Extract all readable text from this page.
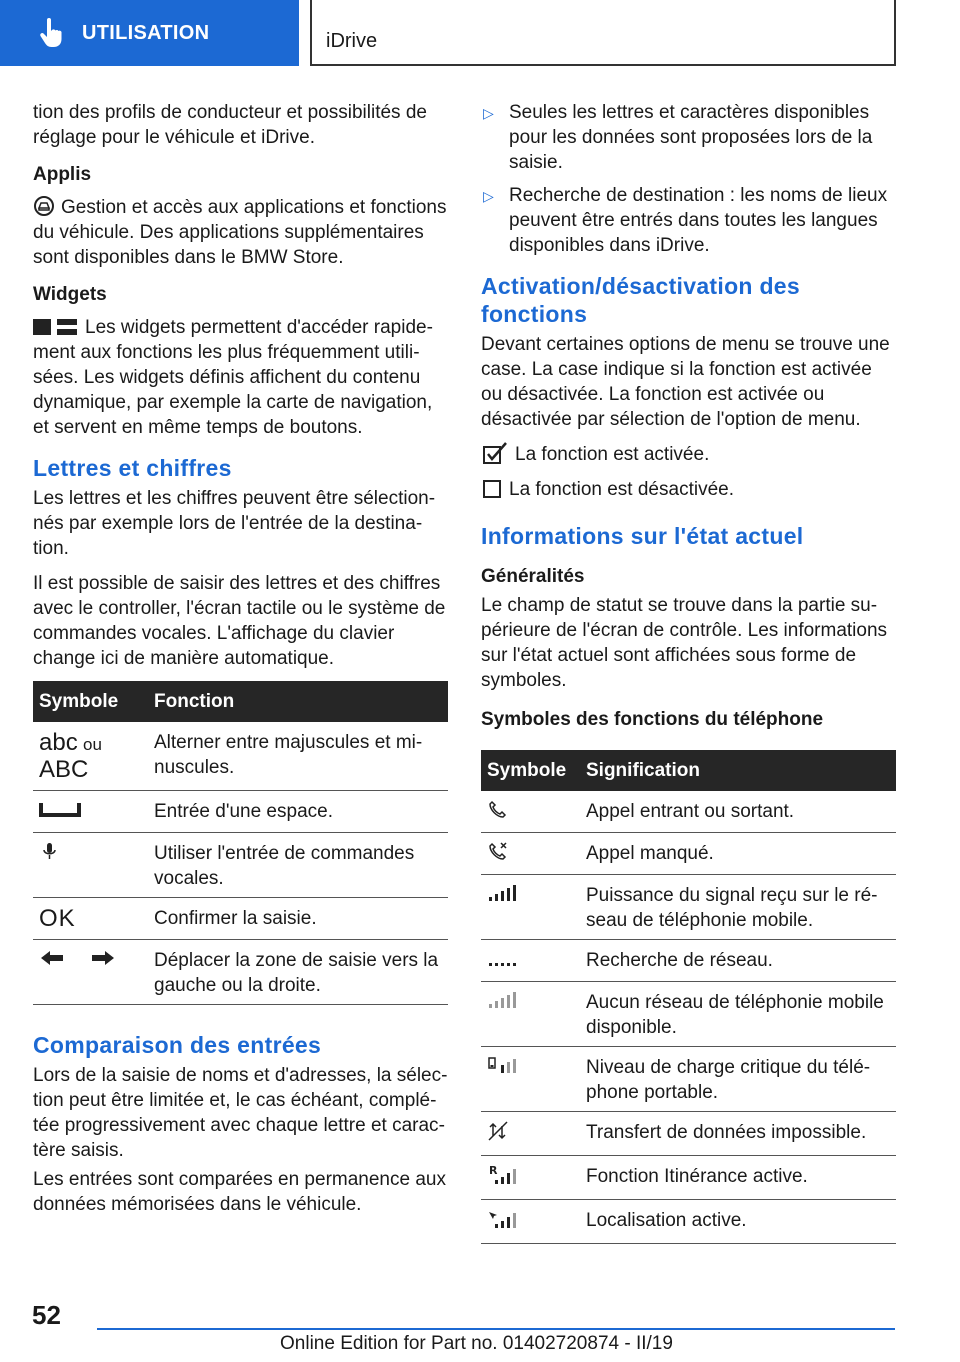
UTILISATION	iDrive

tion des profils de conducteur et possibilités de réglage pour le véhicule et iDrive.

Applis

Gestion et accès aux applications et fonctions du véhicule. Des applications supplémentaires sont disponibles dans le BMW Store.

Widgets

Les widgets permettent d'accéder rapidement aux fonctions les plus fréquemment utilisées. Les widgets définis affichent du contenu dynamique, par exemple la carte de navigation, et servent en même temps de boutons.

Lettres et chiffres

Les lettres et les chiffres peuvent être sélectionnés par exemple lors de l'entrée de la destination.

Il est possible de saisir des lettres et des chiffres avec le controller, l'écran tactile ou le système de commandes vocales. L'affichage du clavier change ici de manière automatique.

Symbole	Fonction
abc ou
ABC	Alterner entre majuscules et minuscules.
	Entrée d'une espace.
	Utiliser l'entrée de commandes vocales.
OK	Confirmer la saisie.
	Déplacer la zone de saisie vers la gauche ou la droite.
Comparaison des entrées

Lors de la saisie de noms et d'adresses, la sélection peut être limitée et, le cas échéant, complétée progressivement avec chaque lettre et caractère saisis.

Les entrées sont comparées en permanence aux données mémorisées dans le véhicule.

▷ Seules les lettres et caractères disponibles pour les données sont proposées lors de la saisie.
▷ Recherche de destination : les noms de lieux peuvent être entrés dans toutes les langues disponibles dans iDrive.
Activation/désactivation des fonctions

Devant certaines options de menu se trouve une case. La case indique si la fonction est activée ou désactivée. La fonction est activée ou désactivée par sélection de l'option de menu.

La fonction est activée.

La fonction est désactivée.

Informations sur l'état actuel
Généralités

Le champ de statut se trouve dans la partie supérieure de l'écran de contrôle. Les informations sur l'état actuel sont affichées sous forme de symboles.

Symboles des fonctions du téléphone
Symbole	Signification
	Appel entrant ou sortant.
	Appel manqué.
	Puissance du signal reçu sur le réseau de téléphonie mobile.
	Recherche de réseau.
	Aucun réseau de téléphonie mobile disponible.
	Niveau de charge critique du téléphone portable.
	Transfert de données impossible.

R	Fonction Itinérance active.
	Localisation active.
52
Online Edition for Part no. 01402720874 - II/19
